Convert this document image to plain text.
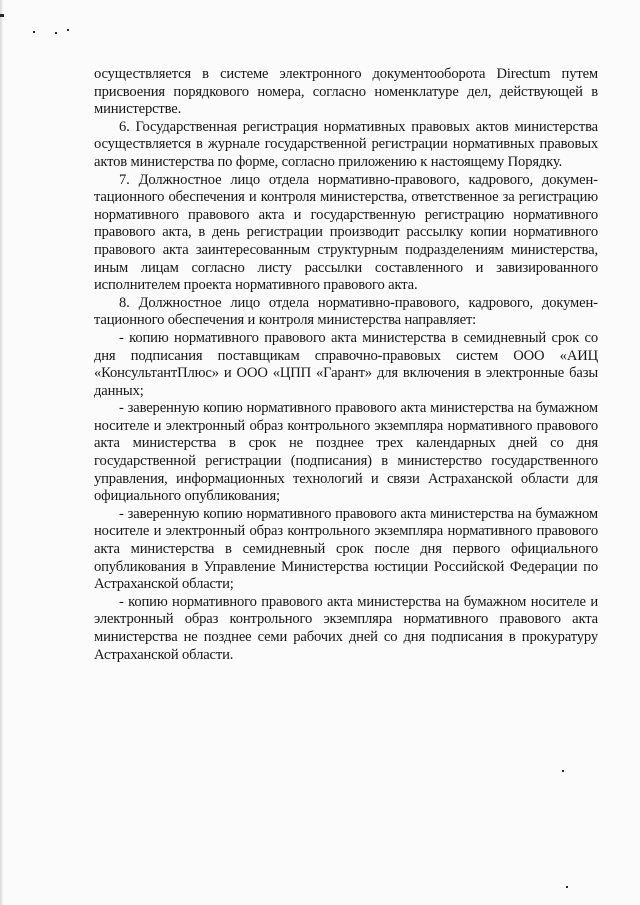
осуществляется в системе электронного документооборота Directum путем присвоения порядкового номера, согласно номенклатуре дел, действующей в министерстве.

6. Государственная регистрация нормативных правовых актов министерства осуществляется в журнале государственной регистрации нормативных правовых актов министерства по форме, согласно приложению к настоящему Порядку.

7. Должностное лицо отдела нормативно-правового, кадрового, документационного обеспечения и контроля министерства, ответственное за регистрацию нормативного правового акта и государственную регистрацию нормативного правового акта, в день регистрации производит рассылку копии нормативного правового акта заинтересованным структурным подразделениям министерства, иным лицам согласно листу рассылки составленного и завизированного исполнителем проекта нормативного правового акта.

8. Должностное лицо отдела нормативно-правового, кадрового, документационного обеспечения и контроля министерства направляет:

- копию нормативного правового акта министерства в семидневный срок со дня подписания поставщикам справочно-правовых систем ООО «АИЦ «КонсультантПлюс» и ООО «ЦПП «Гарант» для включения в электронные базы данных;

- заверенную копию нормативного правового акта министерства на бумажном носителе и электронный образ контрольного экземпляра нормативного правового акта министерства в срок не позднее трех календарных дней со дня государственной регистрации (подписания) в министерство государственного управления, информационных технологий и связи Астраханской области для официального опубликования;

- заверенную копию нормативного правового акта министерства на бумажном носителе и электронный образ контрольного экземпляра нормативного правового акта министерства в семидневный срок после дня первого официального опубликования в Управление Министерства юстиции Российской Федерации по Астраханской области;

- копию нормативного правового акта министерства на бумажном носителе и электронный образ контрольного экземпляра нормативного правового акта министерства не позднее семи рабочих дней со дня подписания в прокуратуру Астраханской области.
